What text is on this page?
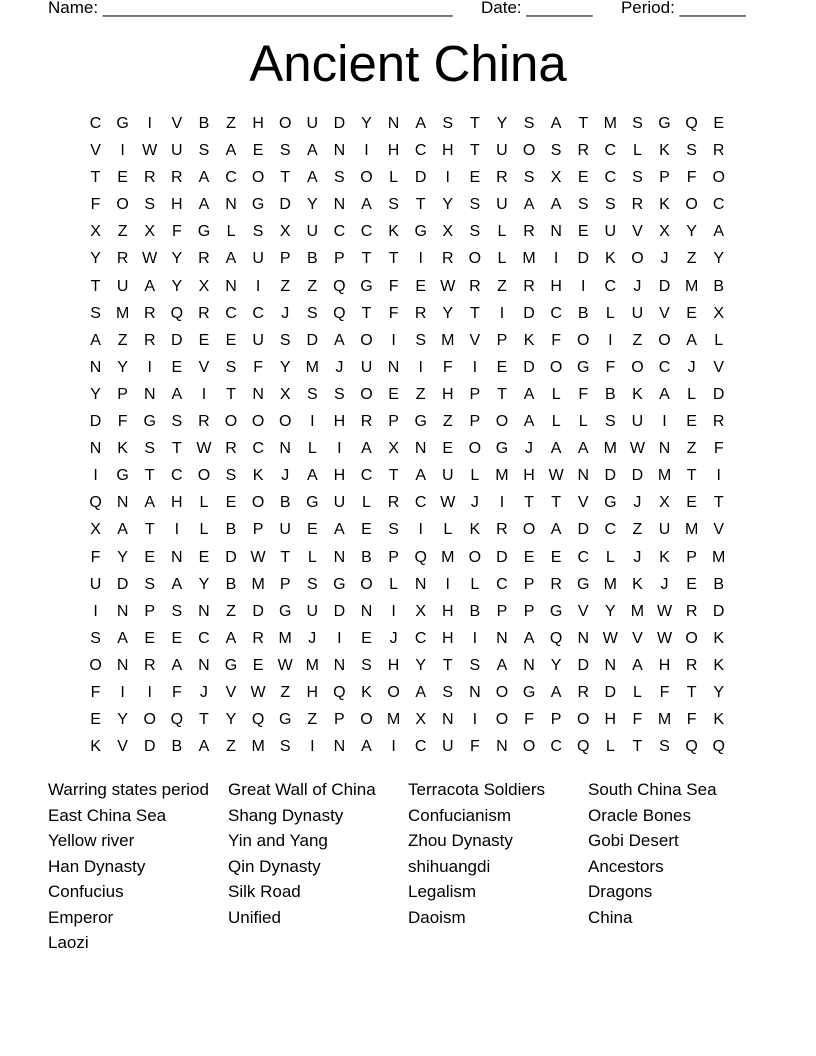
Name: _____________________________________ Date: _______ Period: _______
Ancient China
C G	I	V	B	Z	H O U D Y N A	S	T	Y	S	A	T M S G Q E
V	I	W U S	A	E	S	A N	I	H C H	T	U O S R C	L	K	S R
T	E R R A C O T	A	S O	L	D	I	E R S	X	E C S	P	F O
F O S H A N G D Y N A	S	T	Y	S U A	A	S	S R K O C
X	Z	X	F G	L	S	X U C C K G X	S	L	R N E U V	X	Y	A
Y R W Y R A U P	B	P	T	T	I	R O	L M	I	D K O	J	Z	Y
T	U A	Y	X N	I	Z	Z Q G F	E W R	Z	R H	I	C	J	D M B
S M R Q R C C	J	S Q T	F	R Y	T	I	D C B	L	U V	E	X
A	Z	R D E	E U S D A O	I	S M V	P	K	F O	I	Z O A	L
N Y	I	E	V	S	F	Y M	J	U N	I	F	I	E D O G F O C	J	V
Y	P N A	I	T	N X	S	S O E	Z	H P	T	A	L	F	B	K	A	L	D
D	F G S R O O O	I	H R P G Z	P O A	L	L	S U	I	E R
N K	S	T W R C N	L	I	A	X N E O G	J	A	A M W N	Z	F
I	G T	C O S	K	J	A H C	T	A U	L M H W N D D M T	I
Q N A H	L	E O B G U	L	R C W J	I	T	T	V G	J	X	E	T
X	A	T	I	L	B	P U E	A	E	S	I	L	K R O A D C	Z	U M V
F	Y	E N E D W T	L	N B	P Q M O D E	E C	L	J	K	P M
U D S	A	Y	B M P	S G O	L	N	I	L	C P R G M K	J	E	B
I	N P	S N	Z	D G U D N	I	X H B	P	P G V	Y M W R D
S	A	E	E C A R M	J	I	E	J	C H	I	N A Q N W V W O K
O N R A N G E W M N S H Y	T	S	A N Y D N A H R K
F	I	I	F	J	V W Z	H Q K O A	S N O G A R D	L	F	T	Y
E	Y O Q T	Y Q G Z	P O M X N	I	O F	P O H	F M F	K
K	V D B	A	Z M S	I	N A	I	C U	F	N O C Q	L	T	S Q Q
Warring states period	Great Wall of China	Terracota Soldiers	South China Sea
East China Sea	Shang Dynasty	Confucianism	Oracle Bones
Yellow river	Yin and Yang	Zhou Dynasty	Gobi Desert
Han Dynasty	Qin Dynasty	shihuangdi	Ancestors
Confucius	Silk Road	Legalism	Dragons
Emperor	Unified	Daoism	China
Laozi
